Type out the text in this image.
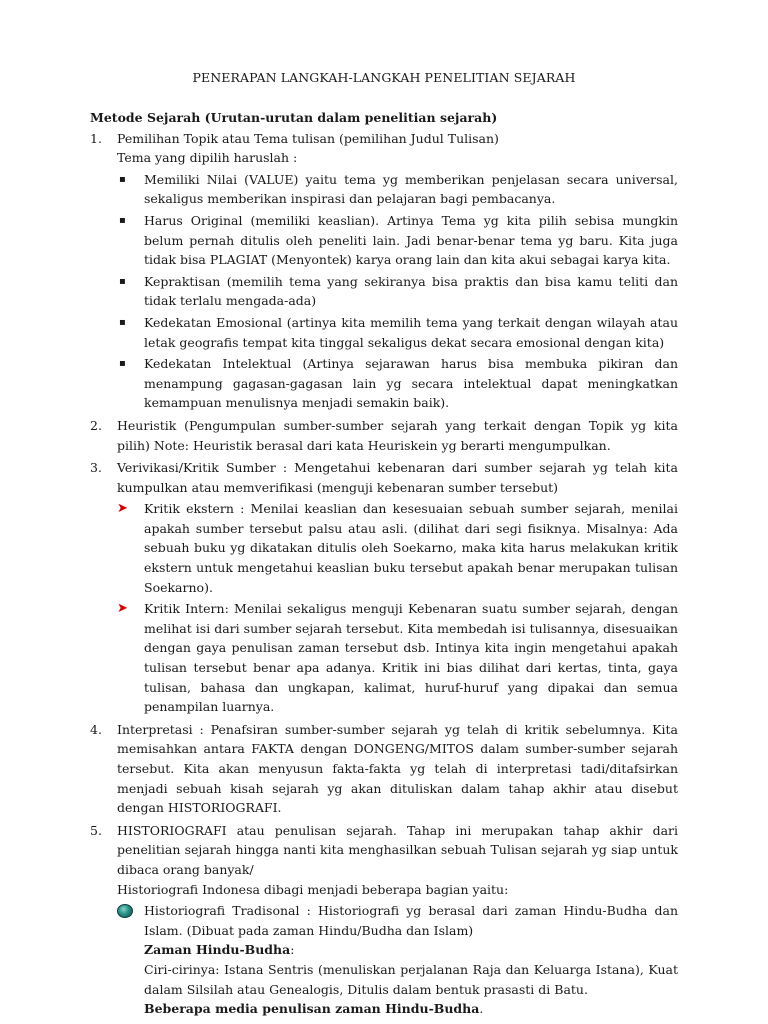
PENERAPAN LANGKAH-LANGKAH PENELITIAN SEJARAH
Metode Sejarah (Urutan-urutan dalam penelitian sejarah)
1. Pemilihan Topik atau Tema tulisan (pemilihan Judul Tulisan)
Tema yang dipilih haruslah :
▪ Memiliki Nilai (VALUE) yaitu tema yg memberikan penjelasan secara universal, sekaligus memberikan inspirasi dan pelajaran bagi pembacanya.
▪ Harus Original (memiliki keaslian). Artinya Tema yg kita pilih sebisa mungkin belum pernah ditulis oleh peneliti lain. Jadi benar-benar tema yg baru. Kita juga tidak bisa PLAGIAT (Menyontek) karya orang lain dan kita akui sebagai karya kita.
▪ Kepraktisan (memilih tema yang sekiranya bisa praktis dan bisa kamu teliti dan tidak terlalu mengada-ada)
▪ Kedekatan Emosional (artinya kita memilih tema yang terkait dengan wilayah atau letak geografis tempat kita tinggal sekaligus dekat secara emosional dengan kita)
▪ Kedekatan Intelektual (Artinya sejarawan harus bisa membuka pikiran dan menampung gagasan-gagasan lain yg secara intelektual dapat meningkatkan kemampuan menulisnya menjadi semakin baik).
2. Heuristik (Pengumpulan sumber-sumber sejarah yang terkait dengan Topik yg kita pilih) Note: Heuristik berasal dari kata Heuriskein yg berarti mengumpulkan.
3. Verivikasi/Kritik Sumber : Mengetahui kebenaran dari sumber sejarah yg telah kita kumpulkan atau memverifikasi (menguji kebenaran sumber tersebut)
➤ Kritik ekstern : Menilai keaslian dan kesesuaian sebuah sumber sejarah, menilai apakah sumber tersebut palsu atau asli. (dilihat dari segi fisiknya. Misalnya: Ada sebuah buku yg dikatakan ditulis oleh Soekarno, maka kita harus melakukan kritik ekstern untuk mengetahui keaslian buku tersebut apakah benar merupakan tulisan Soekarno).
➤ Kritik Intern: Menilai sekaligus menguji Kebenaran suatu sumber sejarah, dengan melihat isi dari sumber sejarah tersebut. Kita membedah isi tulisannya, disesuaikan dengan gaya penulisan zaman tersebut dsb. Intinya kita ingin mengetahui apakah tulisan tersebut benar apa adanya. Kritik ini bias dilihat dari kertas, tinta, gaya tulisan, bahasa dan ungkapan, kalimat, huruf-huruf yang dipakai dan semua penampilan luarnya.
4. Interpretasi : Penafsiran sumber-sumber sejarah yg telah di kritik sebelumnya. Kita memisahkan antara FAKTA dengan DONGENG/MITOS dalam sumber-sumber sejarah tersebut. Kita akan menyusun fakta-fakta yg telah di interpretasi tadi/ditafsirkan menjadi sebuah kisah sejarah yg akan dituliskan dalam tahap akhir atau disebut dengan HISTORIOGRAFI.
5. HISTORIOGRAFI atau penulisan sejarah. Tahap ini merupakan tahap akhir dari penelitian sejarah hingga nanti kita menghasilkan sebuah Tulisan sejarah yg siap untuk dibaca orang banyak/
Historiografi Indonesa dibagi menjadi beberapa bagian yaitu:
Historiografi Tradisonal : Historiografi yg berasal dari zaman Hindu-Budha dan Islam. (Dibuat pada zaman Hindu/Budha dan Islam)
Zaman Hindu-Budha:
Ciri-cirinya: Istana Sentris (menuliskan perjalanan Raja dan Keluarga Istana), Kuat dalam Silsilah atau Genealogis, Ditulis dalam bentuk prasasti di Batu.
Beberapa media penulisan zaman Hindu-Budha.
